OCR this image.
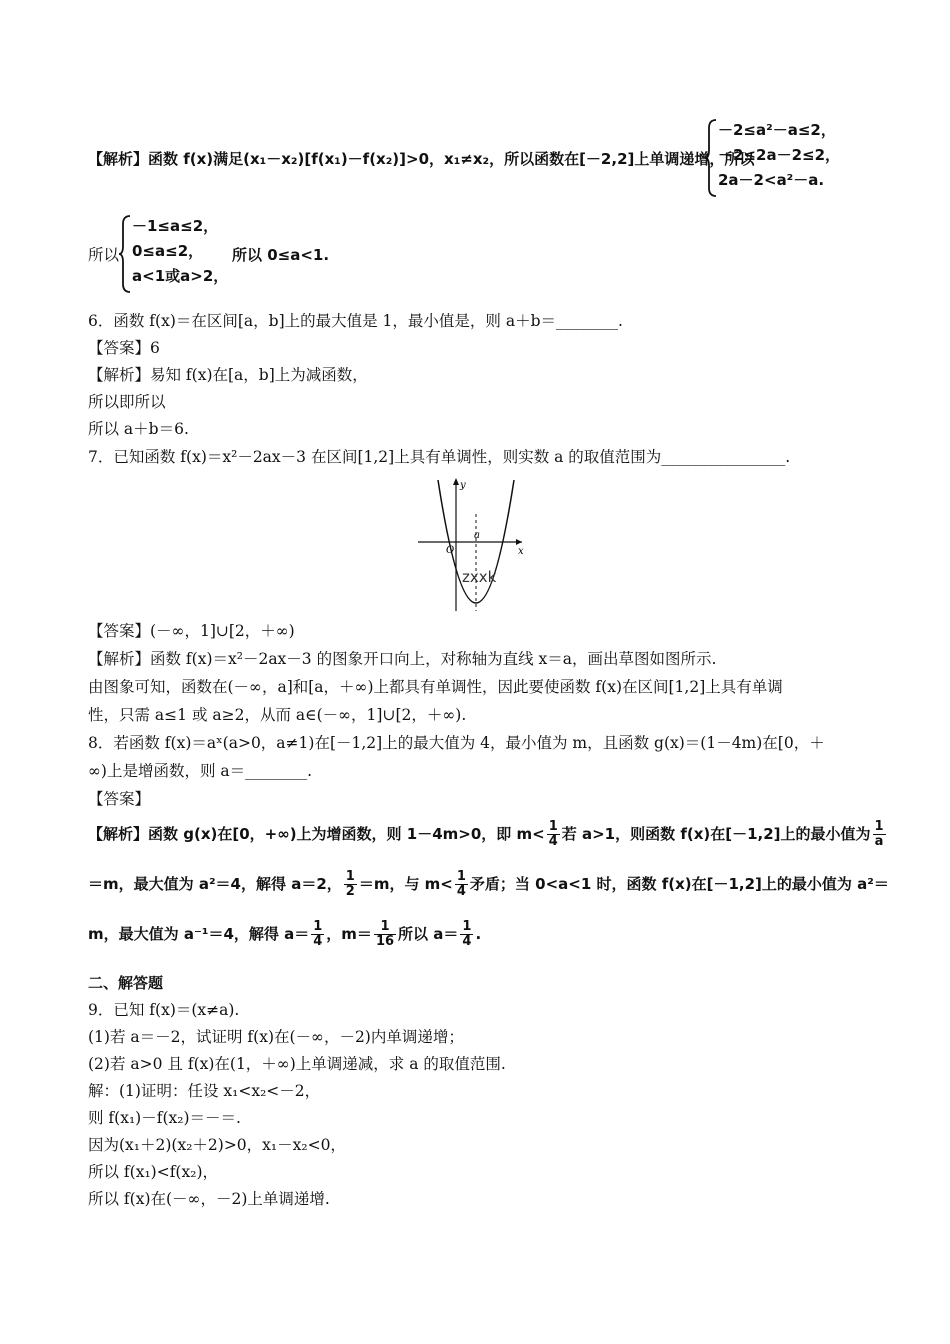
【解析】函数 f(x)满足(x₁－x₂)[f(x₁)－f(x₂)]>0，x₁≠x₂，所以函数在[－2,2]上单调递增，所以
－2≤a²－a≤2，
－2≤2a－2≤2，
2a－2<a²－a.
所以
－1≤a≤2，
0≤a≤2，
a<1或a>2，
所以 0≤a<1.
6．函数 f(x)＝在区间[a，b]上的最大值是 1，最小值是，则 a＋b＝________.
【答案】6
【解析】易知 f(x)在[a，b]上为减函数，
所以即所以
所以 a＋b＝6.
7．已知函数 f(x)＝x²－2ax－3 在区间[1,2]上具有单调性，则实数 a 的取值范围为________________.
y
x
O
a
zxxk
【答案】(－∞，1]∪[2，＋∞)
【解析】函数 f(x)＝x²－2ax－3 的图象开口向上，对称轴为直线 x＝a，画出草图如图所示.
由图象可知，函数在(－∞，a]和[a，＋∞)上都具有单调性，因此要使函数 f(x)在区间[1,2]上具有单调
性，只需 a≤1 或 a≥2，从而 a∈(－∞，1]∪[2，＋∞).
8．若函数 f(x)＝aˣ(a>0，a≠1)在[－1,2]上的最大值为 4，最小值为 m，且函数 g(x)＝(1－4m)在[0，＋
∞)上是增函数，则 a＝________.
【答案】
【解析】函数 g(x)在[0，+∞)上为增函数，则 1－4m>0，即 $m< \frac{1}{4}$ 若 a>1，则函数 f(x)在[－1,2]上的最小值为 $\frac{1}{a}$
＝m，最大值为 a²＝4，解得 a＝2， $\frac{1}{2} =m$，与 $m< \frac{1}{4}$ 矛盾；当 0<a<1 时，函数 f(x)在[－1,2]上的最小值为 a²＝
m，最大值为 a⁻¹＝4，解得 $a= \frac{1}{4}$ ，$m= \frac{1}{16}$ 所以 $a= \frac{1}{4}$ .
二、解答题
9．已知 f(x)＝(x≠a).
(1)若 a＝－2，试证明 f(x)在(－∞，－2)内单调递增；
(2)若 a>0 且 f(x)在(1，＋∞)上单调递减，求 a 的取值范围.
解：(1)证明：任设 x₁<x₂<－2，
则 f(x₁)－f(x₂)＝－＝.
因为(x₁＋2)(x₂＋2)>0，x₁－x₂<0，
所以 f(x₁)<f(x₂)，
所以 f(x)在(－∞，－2)上单调递增.
